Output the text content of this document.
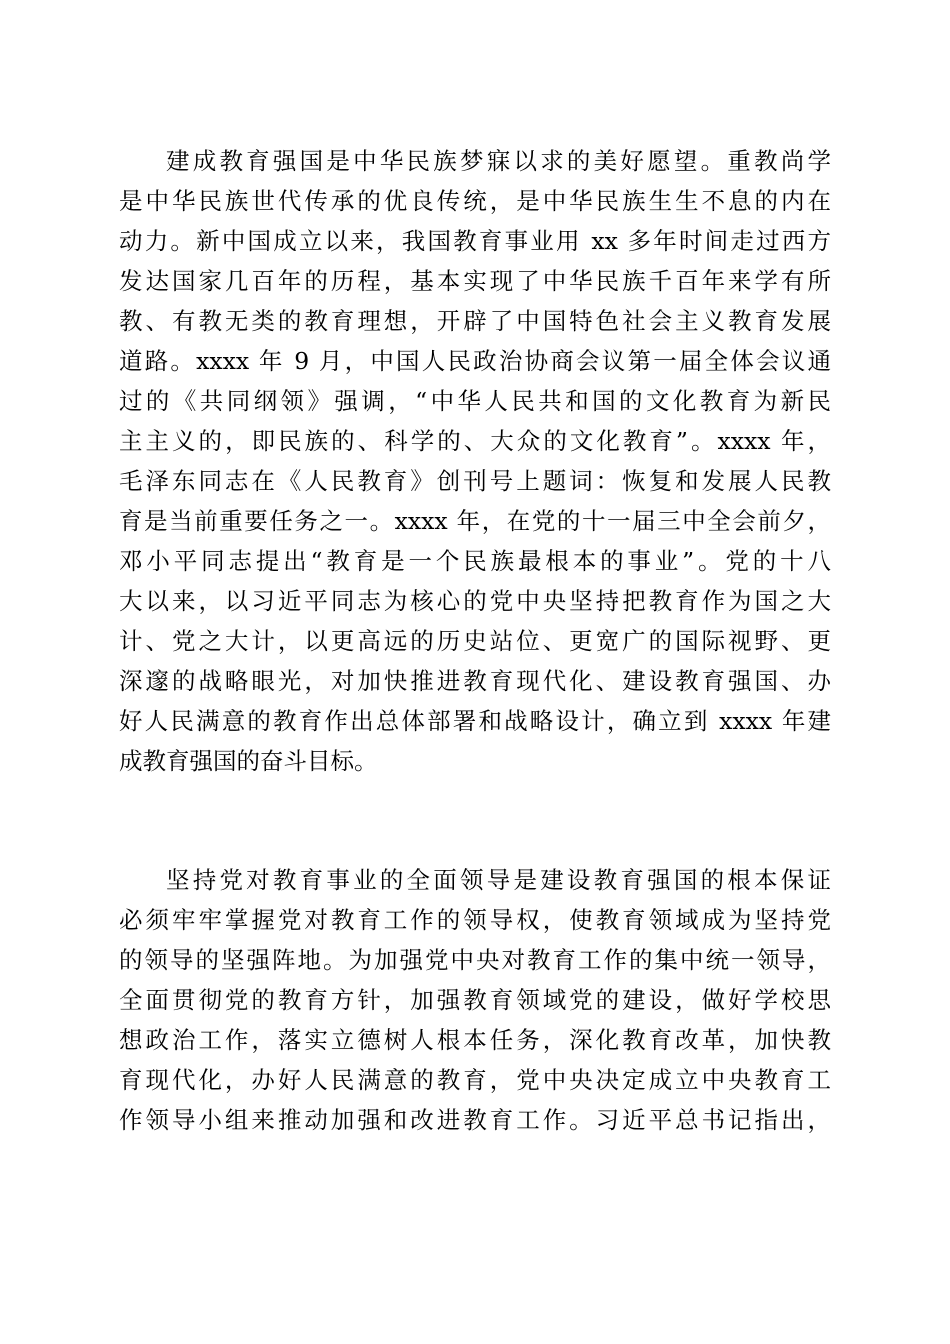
建成教育强国是中华民族梦寐以求的美好愿望。重教尚学
是中华民族世代传承的优良传统，是中华民族生生不息的内在
动力。新中国成立以来，我国教育事业用 xx 多年时间走过西方
发达国家几百年的历程，基本实现了中华民族千百年来学有所
教、有教无类的教育理想，开辟了中国特色社会主义教育发展
道路。xxxx 年 9 月，中国人民政治协商会议第一届全体会议通
过的《共同纲领》强调，“中华人民共和国的文化教育为新民
主主义的，即民族的、科学的、大众的文化教育”。xxxx 年，
毛泽东同志在《人民教育》创刊号上题词：恢复和发展人民教
育是当前重要任务之一。xxxx 年，在党的十一届三中全会前夕，
邓小平同志提出“教育是一个民族最根本的事业”。党的十八
大以来，以习近平同志为核心的党中央坚持把教育作为国之大
计、党之大计，以更高远的历史站位、更宽广的国际视野、更
深邃的战略眼光，对加快推进教育现代化、建设教育强国、办
好人民满意的教育作出总体部署和战略设计，确立到 xxxx 年建
成教育强国的奋斗目标。
坚持党对教育事业的全面领导是建设教育强国的根本保证
必须牢牢掌握党对教育工作的领导权，使教育领域成为坚持党
的领导的坚强阵地。为加强党中央对教育工作的集中统一领导，
全面贯彻党的教育方针，加强教育领域党的建设，做好学校思
想政治工作，落实立德树人根本任务，深化教育改革，加快教
育现代化，办好人民满意的教育，党中央决定成立中央教育工
作领导小组来推动加强和改进教育工作。习近平总书记指出，
